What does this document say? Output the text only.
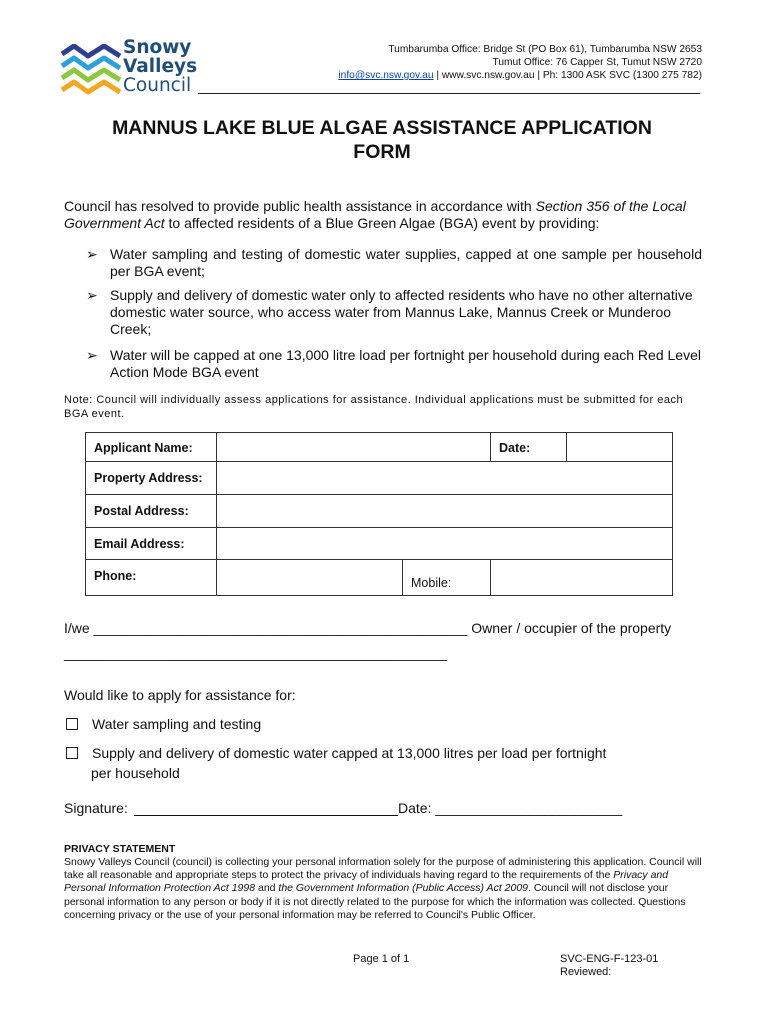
Snowy
Valleys
Council
Tumbarumba Office: Bridge St (PO Box 61), Tumbarumba NSW 2653
Tumut Office: 76 Capper St, Tumut NSW 2720
info@svc.nsw.gov.au | www.svc.nsw.gov.au | Ph: 1300 ASK SVC (1300 275 782)
MANNUS LAKE BLUE ALGAE ASSISTANCE APPLICATION
FORM
Council has resolved to provide public health assistance in accordance with Section 356 of the Local Government Act to affected residents of a Blue Green Algae (BGA) event by providing:
➢ Water sampling and testing of domestic water supplies, capped at one sample per household per BGA event;
➢ Supply and delivery of domestic water only to affected residents who have no other alternative domestic water source, who access water from Mannus Lake, Mannus Creek or Munderoo Creek;
➢ Water will be capped at one 13,000 litre load per fortnight per household during each Red Level Action Mode BGA event
Note: Council will individually assess applications for assistance. Individual applications must be submitted for each BGA event.
Applicant Name:			Date:	
Property Address:				
Postal Address:				
Email Address:				
Phone:		Mobile:		
I/we ________________________________________________ Owner / occupier of the property
________________________________________________
Would like to apply for assistance for:
Water sampling and testing
Supply and delivery of domestic water capped at 13,000 litres per load per fortnight
per household
Signature:	Date: ________________________
PRIVACY STATEMENT
Snowy Valleys Council (council) is collecting your personal information solely for the purpose of administering this application. Council will take all reasonable and appropriate steps to protect the privacy of individuals having regard to the requirements of the Privacy and Personal Information Protection Act 1998 and the Government Information (Public Access) Act 2009. Council will not disclose your personal information to any person or body if it is not directly related to the purpose for which the information was collected. Questions concerning privacy or the use of your personal information may be referred to Council's Public Officer.
Page 1 of 1	SVC-ENG-F-123-01
Reviewed:
